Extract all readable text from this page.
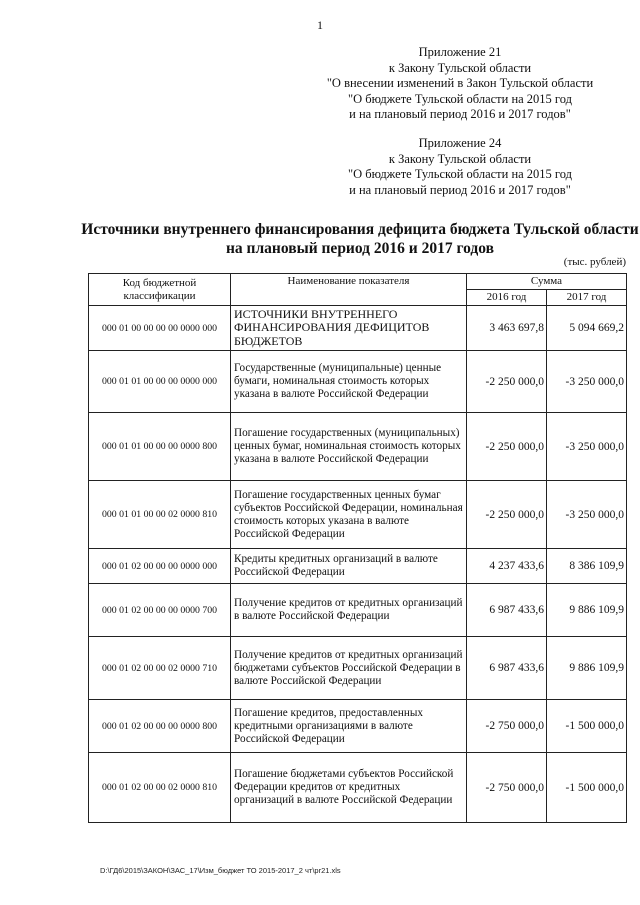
1
Приложение 21
к Закону Тульской области
"О внесении изменений в Закон Тульской области
"О бюджете Тульской области на 2015 год
и на плановый период 2016 и 2017 годов"
Приложение 24
к Закону Тульской области
"О бюджете Тульской области на 2015 год
и на плановый период 2016 и 2017 годов"
Источники внутреннего финансирования дефицита бюджета Тульской области
на плановый период 2016 и 2017 годов
(тыс. рублей)
Код бюджетной классификации	Наименование показателя	Сумма	
		2016 год	2017 год
000 01 00 00 00 00 0000 000	ИСТОЧНИКИ ВНУТРЕННЕГО ФИНАНСИРОВАНИЯ ДЕФИЦИТОВ БЮДЖЕТОВ	3 463 697,8	5 094 669,2
000 01 01 00 00 00 0000 000	Государственные (муниципальные) ценные бумаги, номинальная стоимость которых указана в валюте Российской Федерации	-2 250 000,0	-3 250 000,0
000 01 01 00 00 00 0000 800	Погашение государственных (муниципальных) ценных бумаг, номинальная стоимость которых указана в валюте Российской Федерации	-2 250 000,0	-3 250 000,0
000 01 01 00 00 02 0000 810	Погашение государственных ценных бумаг субъектов Российской Федерации, номинальная стоимость которых указана в валюте Российской Федерации	-2 250 000,0	-3 250 000,0
000 01 02 00 00 00 0000 000	Кредиты кредитных организаций в валюте Российской Федерации	4 237 433,6	8 386 109,9
000 01 02 00 00 00 0000 700	Получение кредитов от кредитных организаций в валюте Российской Федерации	6 987 433,6	9 886 109,9
000 01 02 00 00 02 0000 710	Получение кредитов от кредитных организаций бюджетами субъектов Российской Федерации в валюте Российской Федерации	6 987 433,6	9 886 109,9
000 01 02 00 00 00 0000 800	Погашение кредитов, предоставленных кредитными организациями в валюте Российской Федерации	-2 750 000,0	-1 500 000,0
000 01 02 00 00 02 0000 810	Погашение бюджетами субъектов Российской Федерации кредитов от кредитных организаций в валюте Российской Федерации	-2 750 000,0	-1 500 000,0
D:\ГД6\2015\ЗАКОН\ЗАС_17\Изм_бюджет ТО 2015-2017_2 чт\pr21.xls
